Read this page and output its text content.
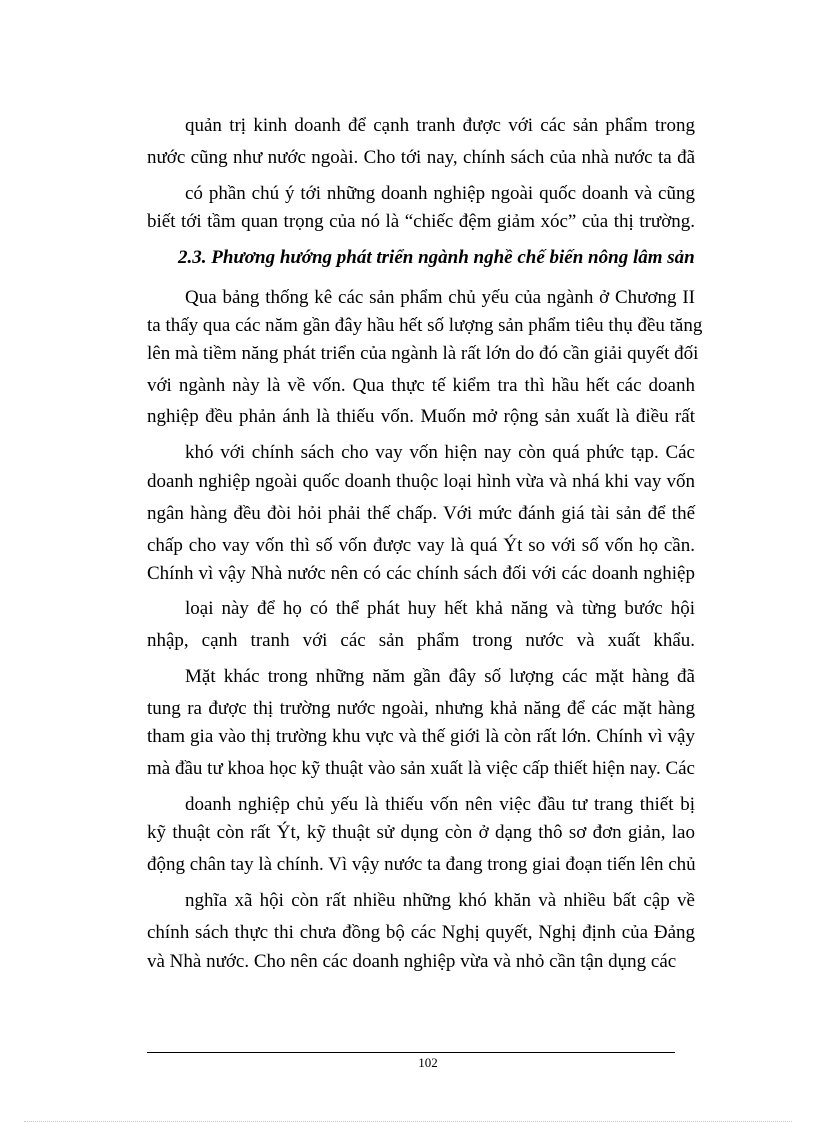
quản trị kinh doanh để cạnh tranh được với các sản phẩm trong
nước cũng như nước ngoài. Cho tới nay, chính sách của nhà nước ta đã
có phần chú ý tới những doanh nghiệp ngoài quốc doanh và cũng
biết tới tầm quan trọng của nó là “chiếc đệm giảm xóc” của thị trường.
2.3. Phương hướng phát triển ngành nghề chế biến nông lâm sản
Qua bảng thống kê các sản phẩm chủ yếu của ngành ở Chương II
ta thấy qua các năm gần đây hầu hết số lượng sản phẩm tiêu thụ đều tăng
lên mà tiềm năng phát triển của ngành là rất lớn do đó cần giải quyết đối
với ngành này là về vốn. Qua thực tế kiểm tra thì hầu hết các doanh
nghiệp đều phản ánh là thiếu vốn. Muốn mở rộng sản xuất là điều rất
khó với chính sách cho vay vốn hiện nay còn quá phức tạp. Các
doanh nghiệp ngoài quốc doanh thuộc loại hình vừa và nhá khi vay vốn
ngân hàng đều đòi hỏi phải thế chấp. Với mức đánh giá tài sản để thế
chấp cho vay vốn thì số vốn được vay là quá Ýt so với số vốn họ cần.
Chính vì vậy Nhà nước nên có các chính sách đối với các doanh nghiệp
loại này để họ có thể phát huy hết khả năng và từng bước hội
nhập, cạnh tranh với các sản phẩm trong nước và xuất khẩu.
Mặt khác trong những năm gần đây số lượng các mặt hàng đã
tung ra được thị trường nước ngoài, nhưng khả năng để các mặt hàng
tham gia vào thị trường khu vực và thế giới là còn rất lớn. Chính vì vậy
mà đầu tư khoa học kỹ thuật vào sản xuất là việc cấp thiết hiện nay. Các
doanh nghiệp chủ yếu là thiếu vốn nên việc đầu tư trang thiết bị
kỹ thuật còn rất Ýt, kỹ thuật sử dụng còn ở dạng thô sơ đơn giản, lao
động chân tay là chính. Vì vậy nước ta đang trong giai đoạn tiến lên chủ
nghĩa xã hội còn rất nhiều những khó khăn và nhiều bất cập về
chính sách thực thi chưa đồng bộ các Nghị quyết, Nghị định của Đảng
và Nhà nước. Cho nên các doanh nghiệp vừa và nhỏ cần tận dụng các
102
